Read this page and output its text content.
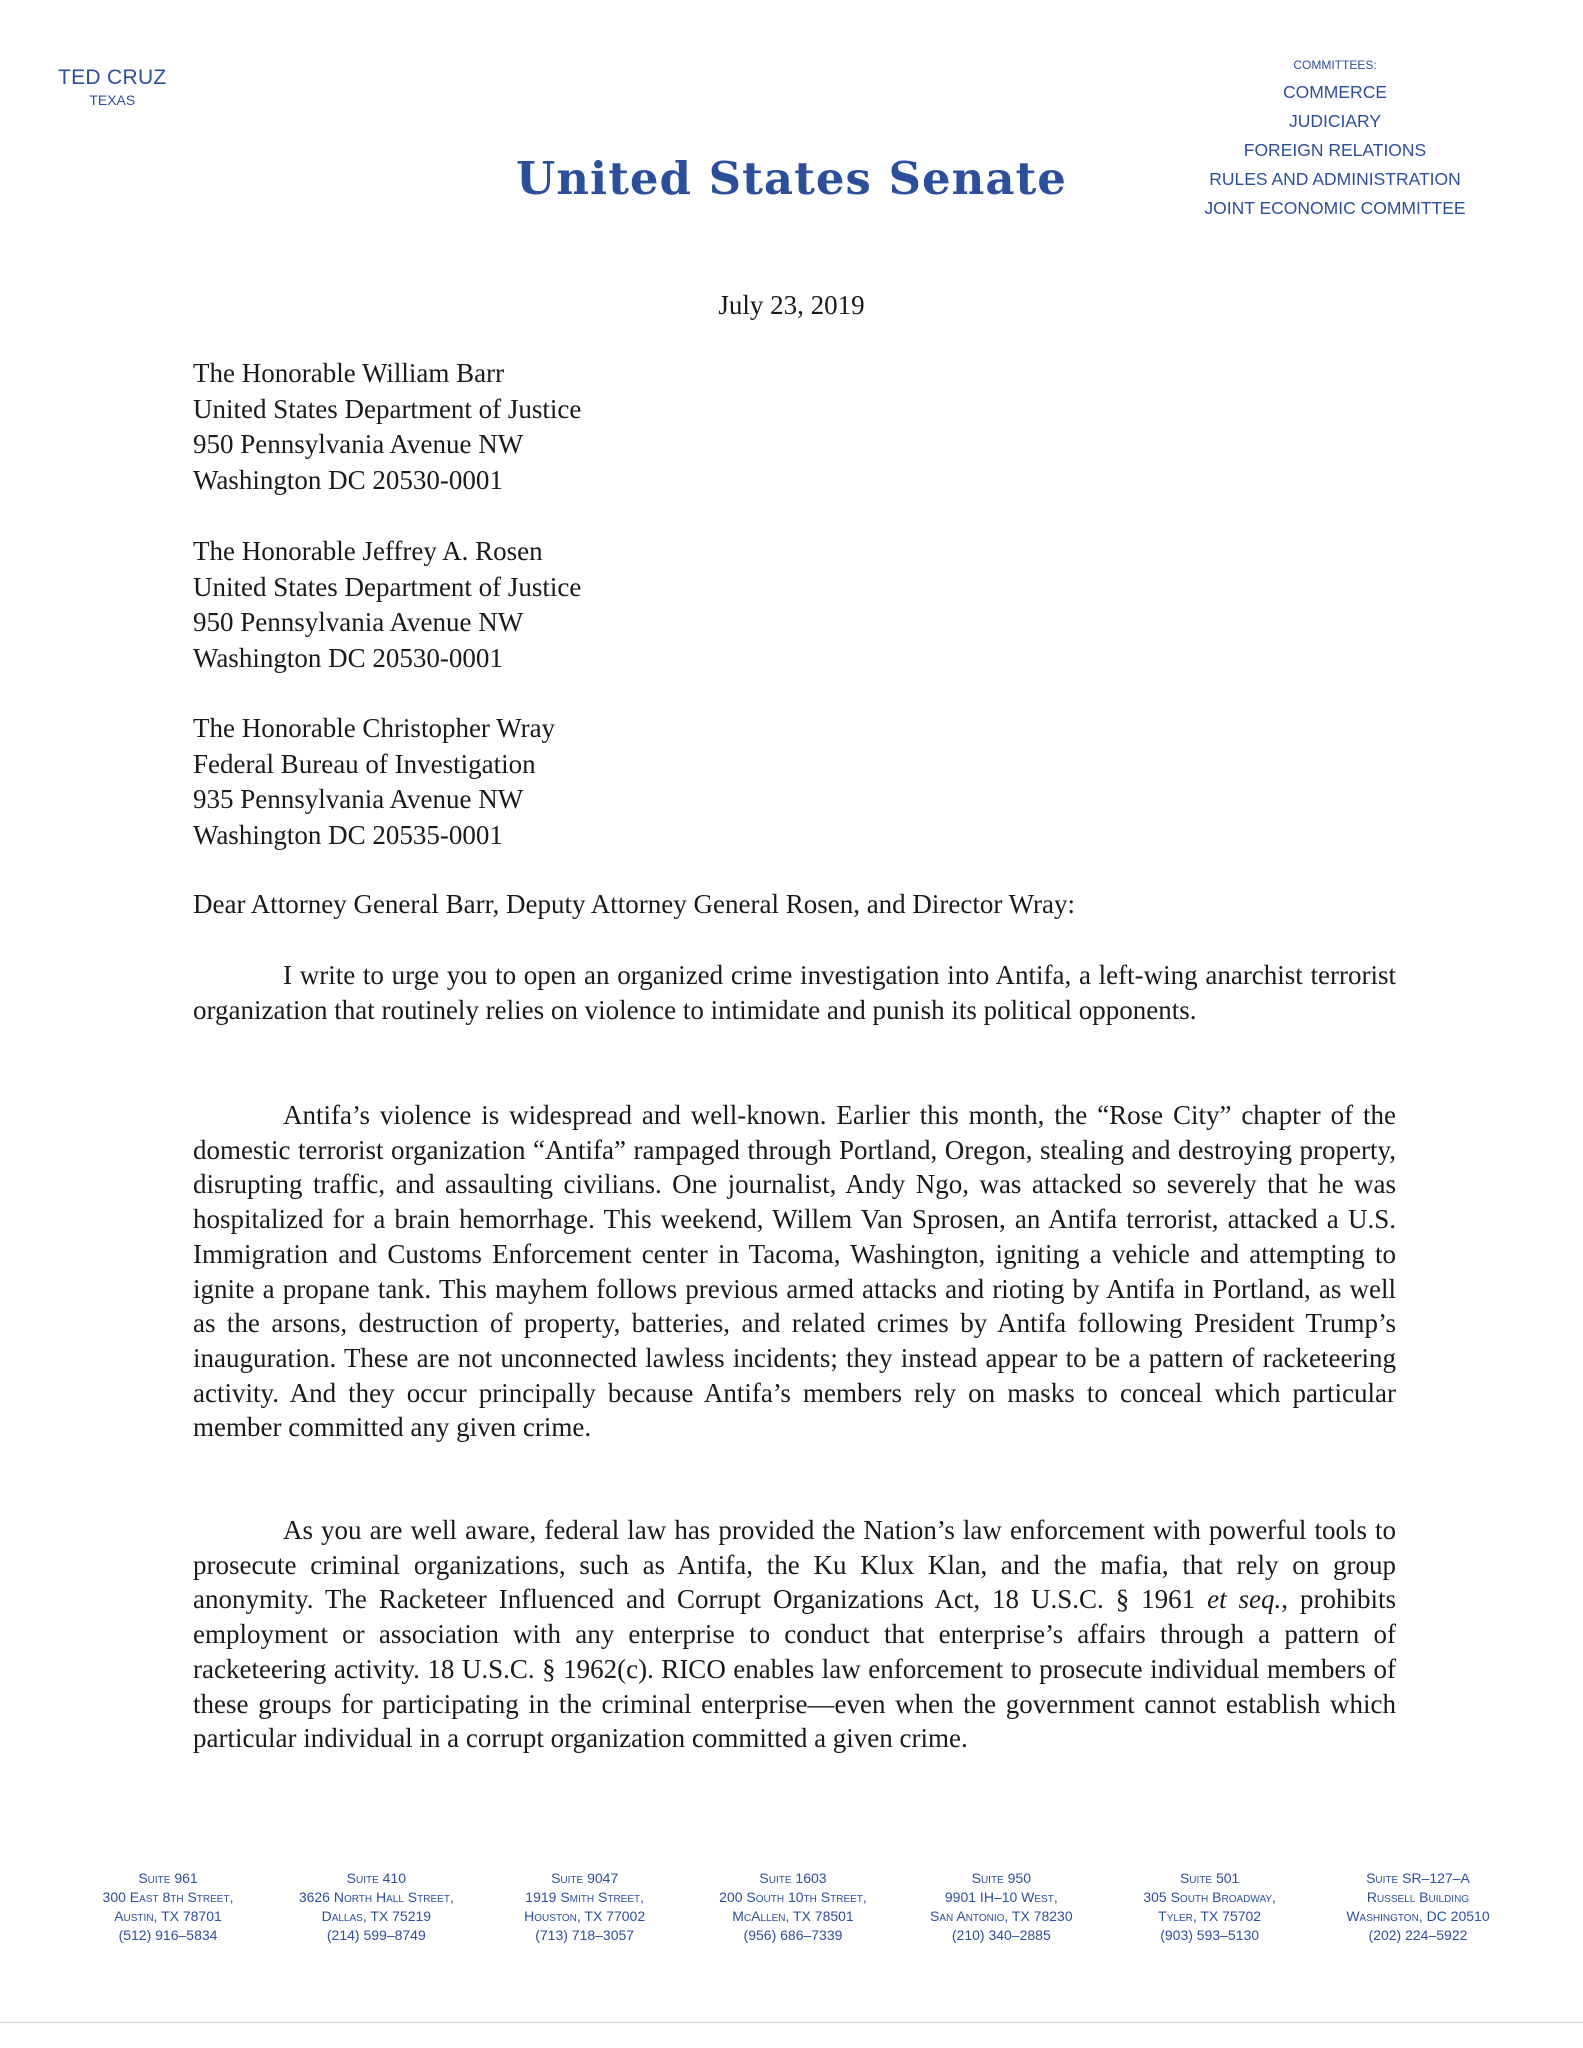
TED CRUZ
TEXAS
United States Senate
COMMITTEES:
COMMERCE
JUDICIARY
FOREIGN RELATIONS
RULES AND ADMINISTRATION
JOINT ECONOMIC COMMITTEE
July 23, 2019
The Honorable William Barr
United States Department of Justice
950 Pennsylvania Avenue NW
Washington DC 20530-0001
The Honorable Jeffrey A. Rosen
United States Department of Justice
950 Pennsylvania Avenue NW
Washington DC 20530-0001
The Honorable Christopher Wray
Federal Bureau of Investigation
935 Pennsylvania Avenue NW
Washington DC 20535-0001
Dear Attorney General Barr, Deputy Attorney General Rosen, and Director Wray:

I write to urge you to open an organized crime investigation into Antifa, a left-wing anarchist terrorist organization that routinely relies on violence to intimidate and punish its political opponents.

Antifa’s violence is widespread and well-known. Earlier this month, the “Rose City” chapter of the domestic terrorist organization “Antifa” rampaged through Portland, Oregon, stealing and destroying property, disrupting traffic, and assaulting civilians. One journalist, Andy Ngo, was attacked so severely that he was hospitalized for a brain hemorrhage. This weekend, Willem Van Sprosen, an Antifa terrorist, attacked a U.S. Immigration and Customs Enforcement center in Tacoma, Washington, igniting a vehicle and attempting to ignite a propane tank. This mayhem follows previous armed attacks and rioting by Antifa in Portland, as well as the arsons, destruction of property, batteries, and related crimes by Antifa following President Trump’s inauguration. These are not unconnected lawless incidents; they instead appear to be a pattern of racketeering activity. And they occur principally because Antifa’s members rely on masks to conceal which particular member committed any given crime.

As you are well aware, federal law has provided the Nation’s law enforcement with powerful tools to prosecute criminal organizations, such as Antifa, the Ku Klux Klan, and the mafia, that rely on group anonymity. The Racketeer Influenced and Corrupt Organizations Act, 18 U.S.C. § 1961 et seq., prohibits employment or association with any enterprise to conduct that enterprise’s affairs through a pattern of racketeering activity. 18 U.S.C. § 1962(c). RICO enables law enforcement to prosecute individual members of these groups for participating in the criminal enterprise—even when the government cannot establish which particular individual in a corrupt organization committed a given crime.

Suite 961
300 East 8th Street,
Austin, TX 78701
(512) 916–5834
Suite 410
3626 North Hall Street,
Dallas, TX 75219
(214) 599–8749
Suite 9047
1919 Smith Street,
Houston, TX 77002
(713) 718–3057
Suite 1603
200 South 10th Street,
McAllen, TX 78501
(956) 686–7339
Suite 950
9901 IH–10 West,
San Antonio, TX 78230
(210) 340–2885
Suite 501
305 South Broadway,
Tyler, TX 75702
(903) 593–5130
Suite SR–127–A
Russell Building
Washington, DC 20510
(202) 224–5922
